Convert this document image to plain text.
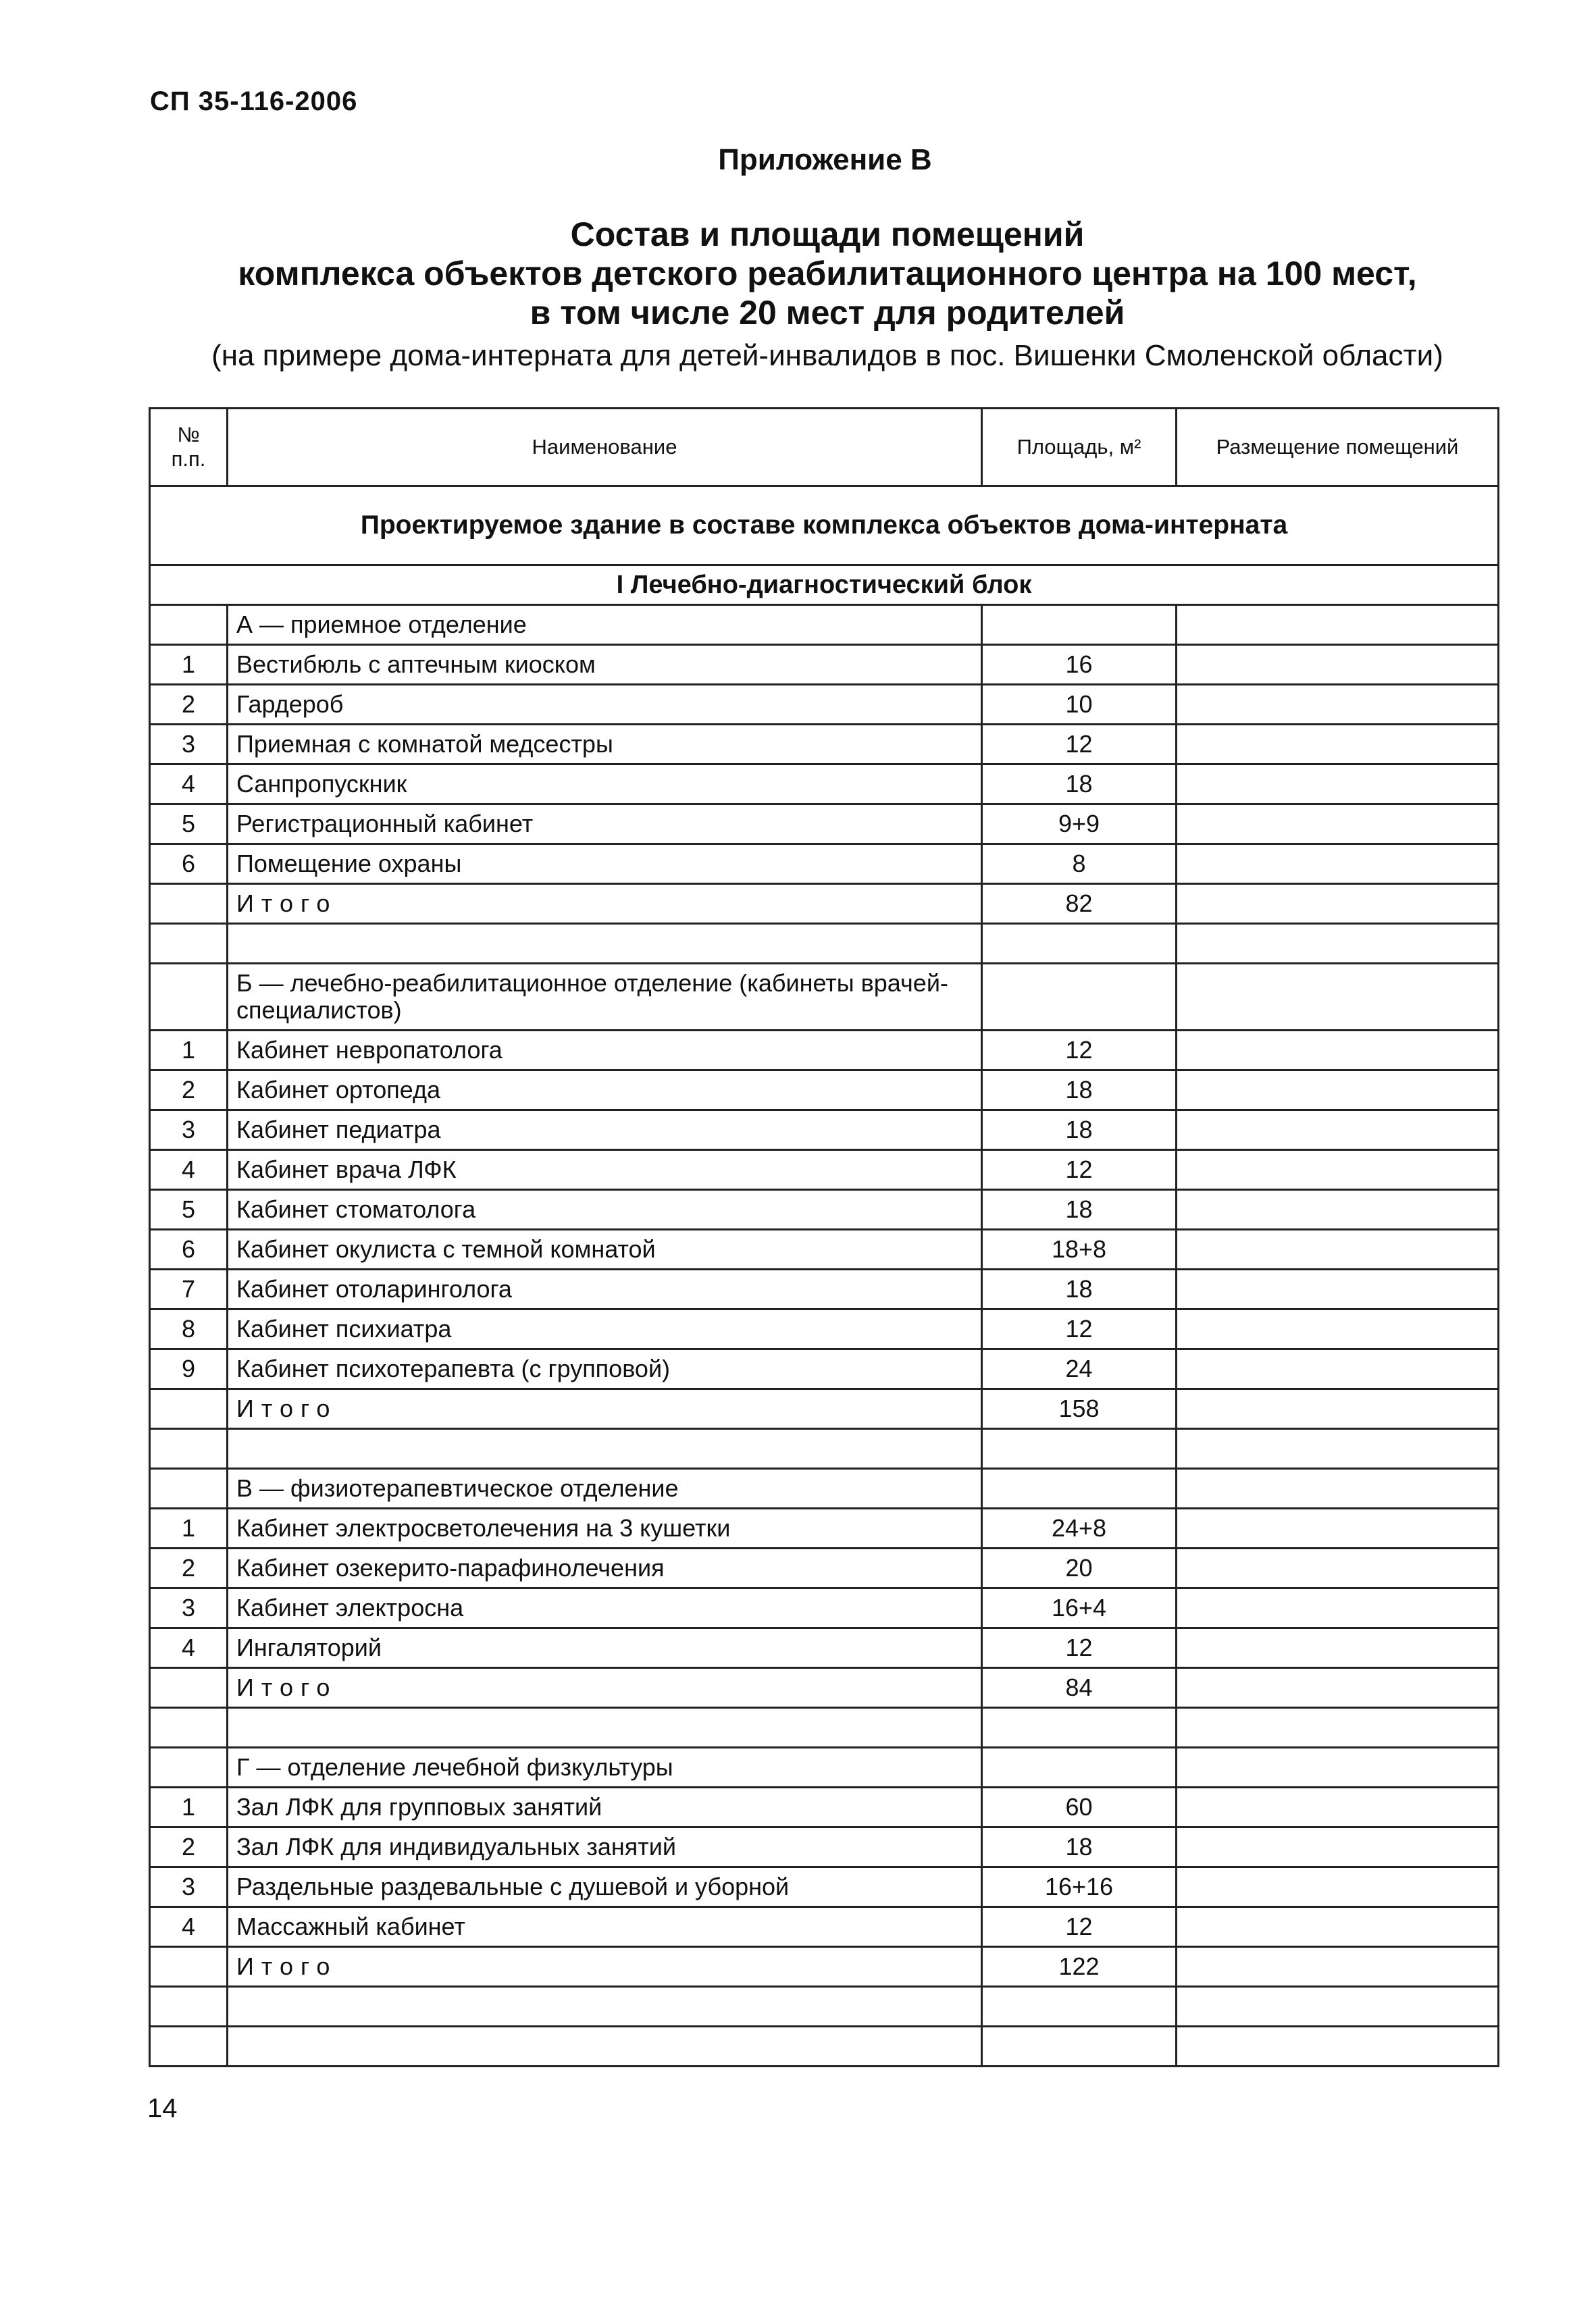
СП 35-116-2006
Приложение В
Состав и площади помещений
комплекса объектов детского реабилитационного центра на 100 мест,
в том числе 20 мест для родителей
(на примере дома-интерната для детей-инвалидов в пос. Вишенки Смоленской области)
№ п.п.	Наименование	Площадь, м²	Размещение помещений
Проектируемое здание в составе комплекса объектов дома-интерната			
I Лечебно-диагностический блок			
	А — приемное отделение		
1	Вестибюль с аптечным киоском	16	
2	Гардероб	10	
3	Приемная с комнатой медсестры	12	
4	Санпропускник	18	
5	Регистрационный кабинет	9+9	
6	Помещение охраны	8	
	Итого	82	

	Б — лечебно-реабилитационное отделение (кабинеты врачей-специалистов)		
1	Кабинет невропатолога	12	
2	Кабинет ортопеда	18	
3	Кабинет педиатра	18	
4	Кабинет врача ЛФК	12	
5	Кабинет стоматолога	18	
6	Кабинет окулиста с темной комнатой	18+8	
7	Кабинет отоларинголога	18	
8	Кабинет психиатра	12	
9	Кабинет психотерапевта (с групповой)	24	
	Итого	158	

	В — физиотерапевтическое отделение		
1	Кабинет электросветолечения на 3 кушетки	24+8	
2	Кабинет озекерито-парафинолечения	20	
3	Кабинет электросна	16+4	
4	Ингаляторий	12	
	Итого	84	

	Г — отделение лечебной физкультуры		
1	Зал ЛФК для групповых занятий	60	
2	Зал ЛФК для индивидуальных занятий	18	
3	Раздельные раздевальные с душевой и уборной	16+16	
4	Массажный кабинет	12	
	Итого	122	

14
